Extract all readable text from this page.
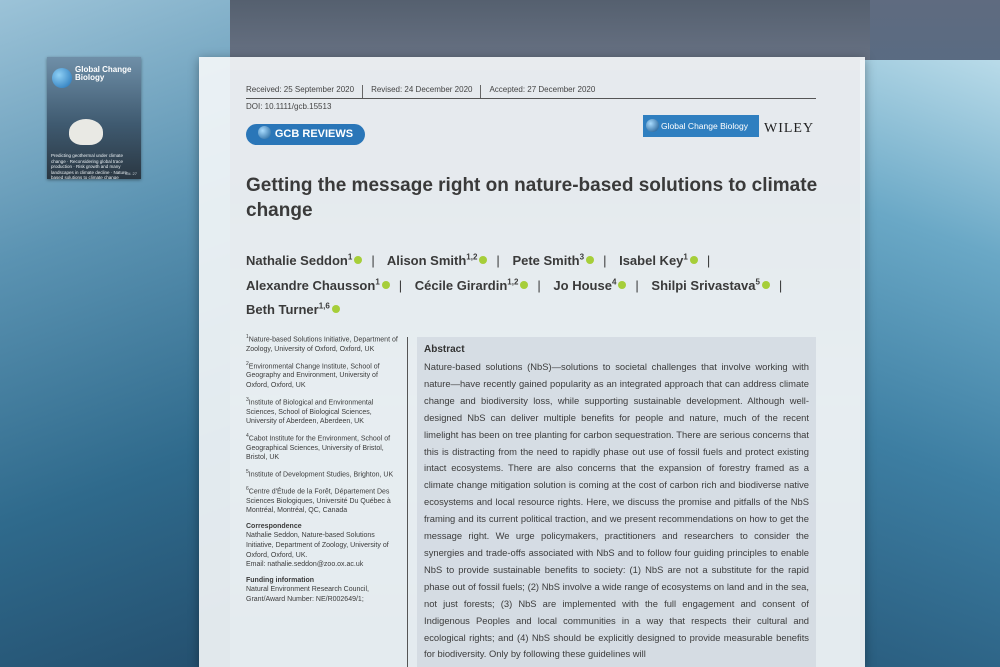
Global Change Biology
Predicting geothermal under climate change · Reconsidering global trace production · Risk growth and many landscapes in climate decline · Nature-based solutions to climate change
Vol. 27
Received: 25 September 2020	Revised: 24 December 2020	Accepted: 27 December 2020
DOI: 10.1111/gcb.15513
GCB REVIEWS
Global Change Biology	WILEY
Getting the message right on nature-based solutions to climate change
Nathalie Seddon$^1$ | Alison Smith$^{1,2}$ | Pete Smith$^3$ | Isabel Key$^1$ | Alexandre Chausson$^1$ | Cécile Girardin$^{1,2}$ | Jo House$^4$ | Shilpi Srivastava$^5$ | Beth Turner$^{1,6}$
$^1$Nature-based Solutions Initiative, Department of Zoology, University of Oxford, Oxford, UK
$^2$Environmental Change Institute, School of Geography and Environment, University of Oxford, Oxford, UK
$^3$Institute of Biological and Environmental Sciences, School of Biological Sciences, University of Aberdeen, Aberdeen, UK
$^4$Cabot Institute for the Environment, School of Geographical Sciences, University of Bristol, Bristol, UK
$^5$Institute of Development Studies, Brighton, UK
$^6$Centre d'Étude de la Forêt, Département Des Sciences Biologiques, Université Du Québec à Montréal, Montréal, QC, Canada
Correspondence
Nathalie Seddon, Nature-based Solutions Initiative, Department of Zoology, University of Oxford, Oxford, UK.
Email: nathalie.seddon@zoo.ox.ac.uk
Funding information
Natural Environment Research Council, Grant/Award Number: NE/R002649/1;
Abstract
Nature-based solutions (NbS)—solutions to societal challenges that involve working with nature—have recently gained popularity as an integrated approach that can address climate change and biodiversity loss, while supporting sustainable development. Although well-designed NbS can deliver multiple benefits for people and nature, much of the recent limelight has been on tree planting for carbon sequestration. There are serious concerns that this is distracting from the need to rapidly phase out use of fossil fuels and protect existing intact ecosystems. There are also concerns that the expansion of forestry framed as a climate change mitigation solution is coming at the cost of carbon rich and biodiverse native ecosystems and local resource rights. Here, we discuss the promise and pitfalls of the NbS framing and its current political traction, and we present recommendations on how to get the message right. We urge policymakers, practitioners and researchers to consider the synergies and trade-offs associated with NbS and to follow four guiding principles to enable NbS to provide sustainable benefits to society: (1) NbS are not a substitute for the rapid phase out of fossil fuels; (2) NbS involve a wide range of ecosystems on land and in the sea, not just forests; (3) NbS are implemented with the full engagement and consent of Indigenous Peoples and local communities in a way that respects their cultural and ecological rights; and (4) NbS should be explicitly designed to provide measurable benefits for biodiversity. Only by following these guidelines will
